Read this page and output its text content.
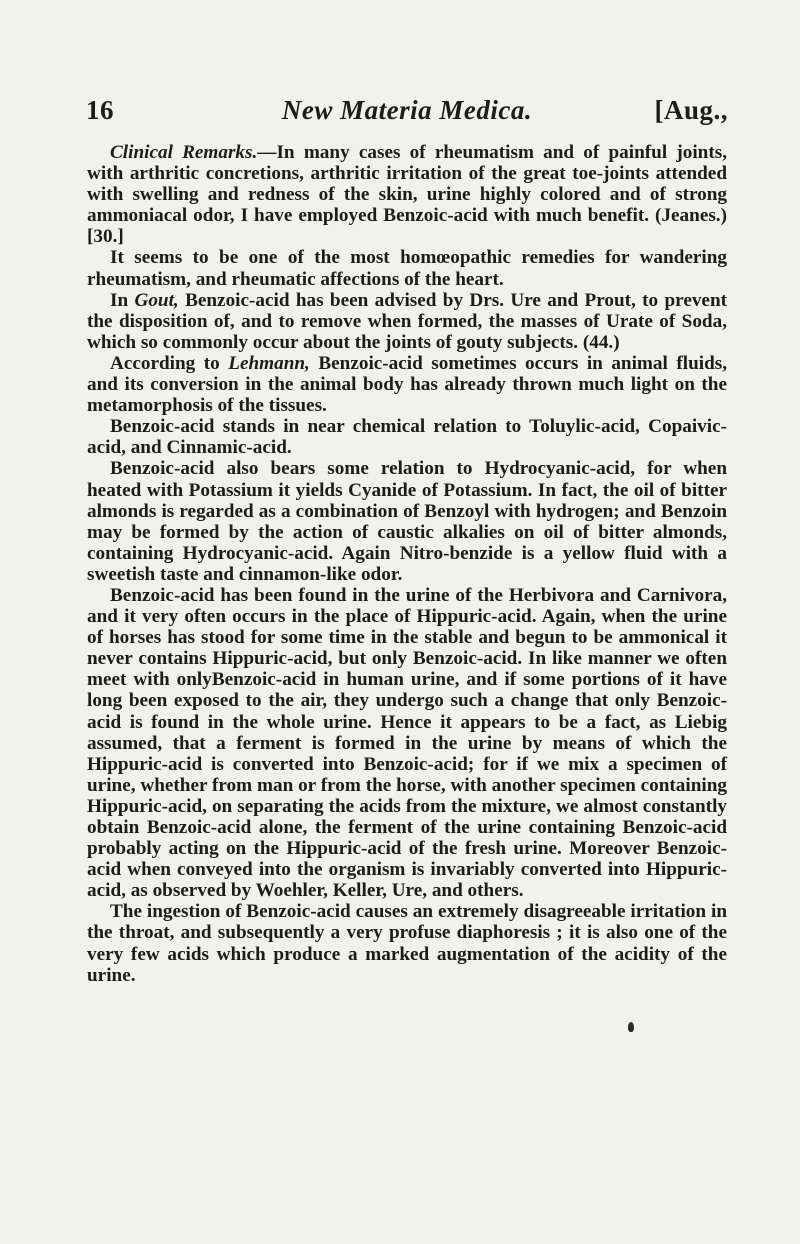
16	New Materia Medica.	[Aug.,

Clinical Remarks.—In many cases of rheumatism and of painful joints, with arthritic concretions, arthritic irritation of the great toe-joints attended with swelling and redness of the skin, urine highly colored and of strong ammoniacal odor, I have employed Benzoic-acid with much benefit. (Jeanes.) [30.]

It seems to be one of the most homœopathic remedies for wandering rheumatism, and rheumatic affections of the heart.

In Gout, Benzoic-acid has been advised by Drs. Ure and Prout, to prevent the disposition of, and to remove when formed, the masses of Urate of Soda, which so commonly occur about the joints of gouty subjects. (44.)

According to Lehmann, Benzoic-acid sometimes occurs in animal fluids, and its conversion in the animal body has already thrown much light on the metamorphosis of the tissues.

Benzoic-acid stands in near chemical relation to Toluylic-acid, Copaivic-acid, and Cinnamic-acid.

Benzoic-acid also bears some relation to Hydrocyanic-acid, for when heated with Potassium it yields Cyanide of Potassium. In fact, the oil of bitter almonds is regarded as a combination of Benzoyl with hydrogen; and Benzoin may be formed by the action of caustic alkalies on oil of bitter almonds, containing Hydrocyanic-acid. Again Nitro-benzide is a yellow fluid with a sweetish taste and cinnamon-like odor.

Benzoic-acid has been found in the urine of the Herbivora and Carnivora, and it very often occurs in the place of Hippuric-acid. Again, when the urine of horses has stood for some time in the stable and begun to be ammonical it never contains Hippuric-acid, but only Benzoic-acid. In like manner we often meet with onlyBenzoic-acid in human urine, and if some portions of it have long been exposed to the air, they undergo such a change that only Benzoic-acid is found in the whole urine. Hence it appears to be a fact, as Liebig assumed, that a ferment is formed in the urine by means of which the Hippuric-acid is converted into Benzoic-acid; for if we mix a specimen of urine, whether from man or from the horse, with another specimen containing Hippuric-acid, on separating the acids from the mixture, we almost constantly obtain Benzoic-acid alone, the ferment of the urine containing Benzoic-acid probably acting on the Hippuric-acid of the fresh urine. Moreover Benzoic-acid when conveyed into the organism is invariably converted into Hippuric-acid, as observed by Woehler, Keller, Ure, and others.

The ingestion of Benzoic-acid causes an extremely disagreeable irritation in the throat, and subsequently a very profuse diaphoresis ; it is also one of the very few acids which produce a marked augmentation of the acidity of the urine.
